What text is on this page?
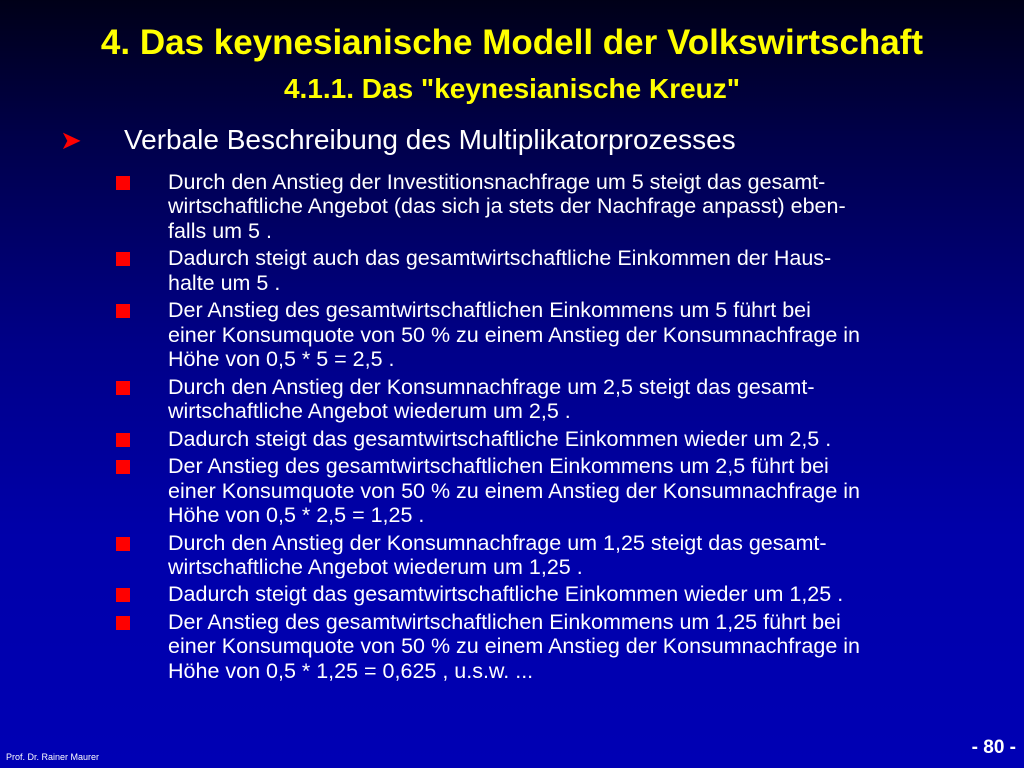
4. Das keynesianische Modell der Volkswirtschaft
4.1.1. Das "keynesianische Kreuz"
➤ Verbale Beschreibung des Multiplikatorprozesses

Durch den Anstieg der Investitionsnachfrage um 5 steigt das gesamt-
wirtschaftliche Angebot (das sich ja stets der Nachfrage anpasst) eben-
falls um 5 .

Dadurch steigt auch das gesamtwirtschaftliche Einkommen der Haus-
halte um 5 .

Der Anstieg des gesamtwirtschaftlichen Einkommens um 5 führt bei
einer Konsumquote von 50 % zu einem Anstieg der Konsumnachfrage in
Höhe von 0,5 * 5 = 2,5 .

Durch den Anstieg der Konsumnachfrage um 2,5 steigt das gesamt-
wirtschaftliche Angebot wiederum um 2,5 .

Dadurch steigt das gesamtwirtschaftliche Einkommen wieder um 2,5 .

Der Anstieg des gesamtwirtschaftlichen Einkommens um 2,5 führt bei
einer Konsumquote von 50 % zu einem Anstieg der Konsumnachfrage in
Höhe von 0,5 * 2,5 = 1,25 .

Durch den Anstieg der Konsumnachfrage um 1,25 steigt das gesamt-
wirtschaftliche Angebot wiederum um 1,25 .

Dadurch steigt das gesamtwirtschaftliche Einkommen wieder um 1,25 .

Der Anstieg des gesamtwirtschaftlichen Einkommens um 1,25 führt bei
einer Konsumquote von 50 % zu einem Anstieg der Konsumnachfrage in
Höhe von 0,5 * 1,25 = 0,625 , u.s.w. ...

Prof. Dr. Rainer Maurer	- 80 -
